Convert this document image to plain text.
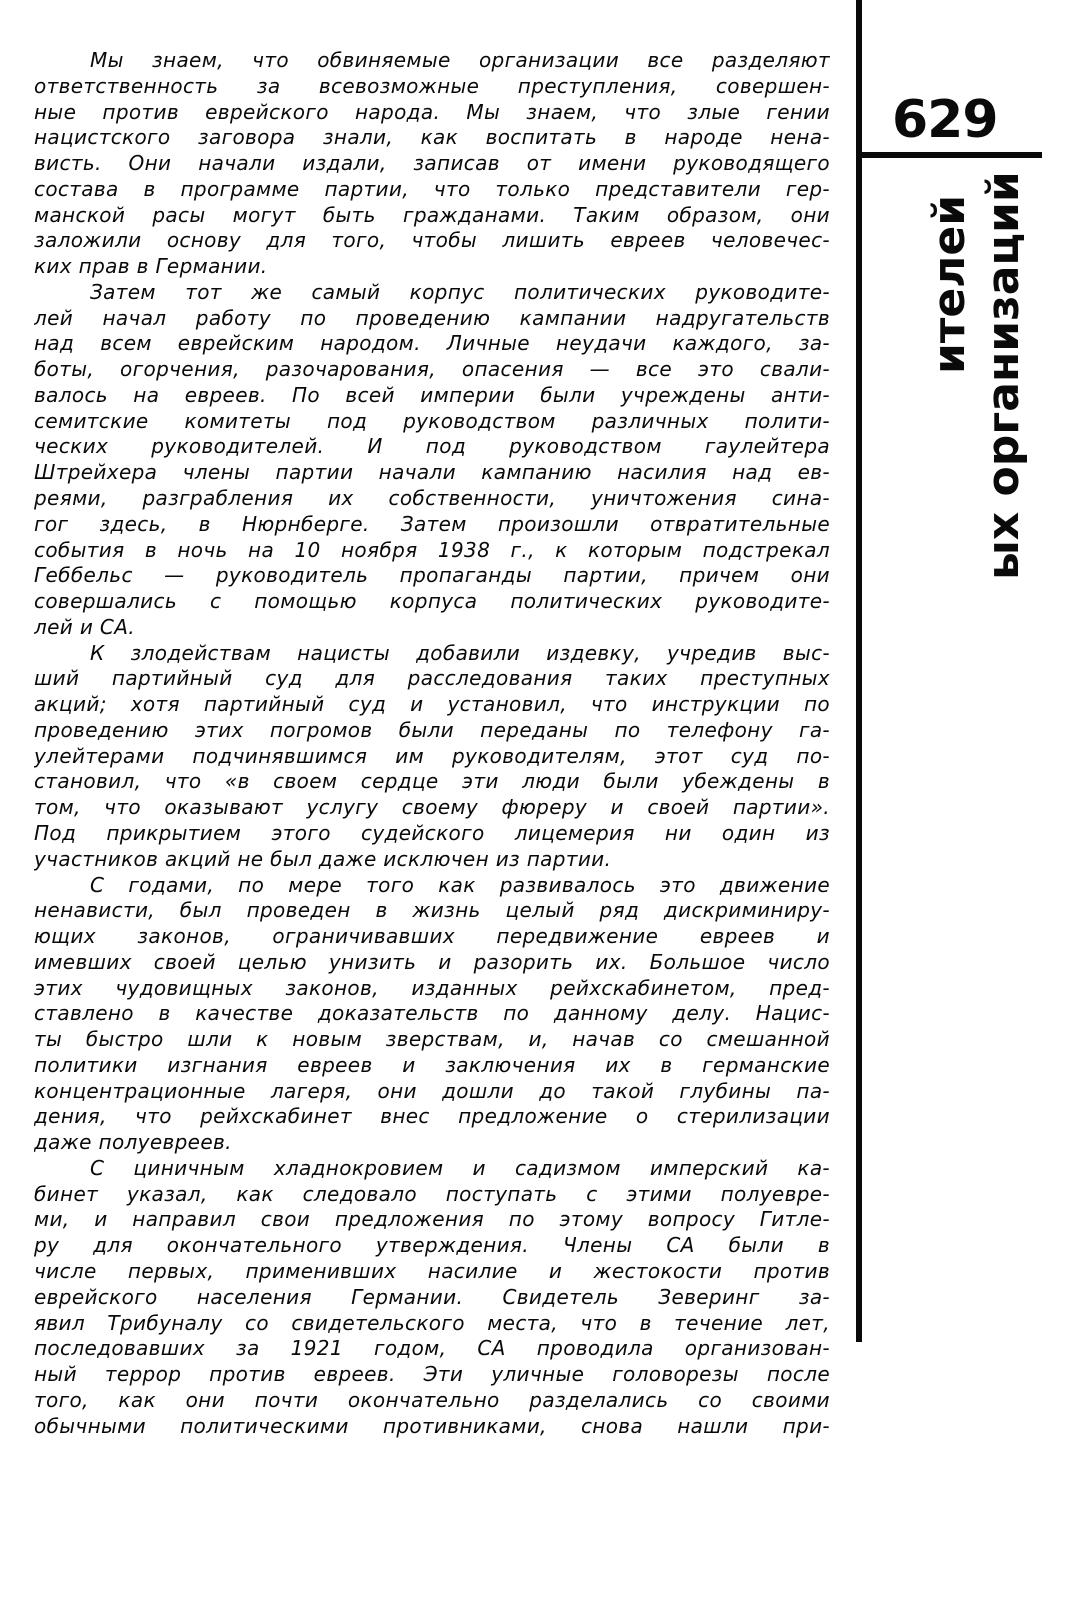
Мы знаем, что обвиняемые организации все разделяют
ответственность за всевозможные преступления, совершен-
ные против еврейского народа. Мы знаем, что злые гении
нацистского заговора знали, как воспитать в народе нена-
висть. Они начали издали, записав от имени руководящего
состава в программе партии, что только представители гер-
манской расы могут быть гражданами. Таким образом, они
заложили основу для того, чтобы лишить евреев человечес-
ких прав в Германии.
Затем тот же самый корпус политических руководите-
лей начал работу по проведению кампании надругательств
над всем еврейским народом. Личные неудачи каждого, за-
боты, огорчения, разочарования, опасения — все это свали-
валось на евреев. По всей империи были учреждены анти-
семитские комитеты под руководством различных полити-
ческих руководителей. И под руководством гаулейтера
Штрейхера члены партии начали кампанию насилия над ев-
реями, разграбления их собственности, уничтожения сина-
гог здесь, в Нюрнберге. Затем произошли отвратительные
события в ночь на 10 ноября 1938 г., к которым подстрекал
Геббельс — руководитель пропаганды партии, причем они
совершались с помощью корпуса политических руководите-
лей и СА.
К злодействам нацисты добавили издевку, учредив выс-
ший партийный суд для расследования таких преступных
акций; хотя партийный суд и установил, что инструкции по
проведению этих погромов были переданы по телефону га-
улейтерами подчинявшимся им руководителям, этот суд по-
становил, что «в своем сердце эти люди были убеждены в
том, что оказывают услугу своему фюреру и своей партии».
Под прикрытием этого судейского лицемерия ни один из
участников акций не был даже исключен из партии.
С годами, по мере того как развивалось это движение
ненависти, был проведен в жизнь целый ряд дискриминиру-
ющих законов, ограничивавших передвижение евреев и
имевших своей целью унизить и разорить их. Большое число
этих чудовищных законов, изданных рейхскабинетом, пред-
ставлено в качестве доказательств по данному делу. Нацис-
ты быстро шли к новым зверствам, и, начав со смешанной
политики изгнания евреев и заключения их в германские
концентрационные лагеря, они дошли до такой глубины па-
дения, что рейхскабинет внес предложение о стерилизации
даже полуевреев.
С циничным хладнокровием и садизмом имперский ка-
бинет указал, как следовало поступать с этими полуевре-
ми, и направил свои предложения по этому вопросу Гитле-
ру для окончательного утверждения. Члены СА были в
числе первых, применивших насилие и жестокости против
еврейского населения Германии. Свидетель Зеверинг за-
явил Трибуналу со свидетельского места, что в течение лет,
последовавших за 1921 годом, СА проводила организован-
ный террор против евреев. Эти уличные головорезы после
того, как они почти окончательно разделались со своими
обычными политическими противниками, снова нашли при-
629
ых организаций
ителей
